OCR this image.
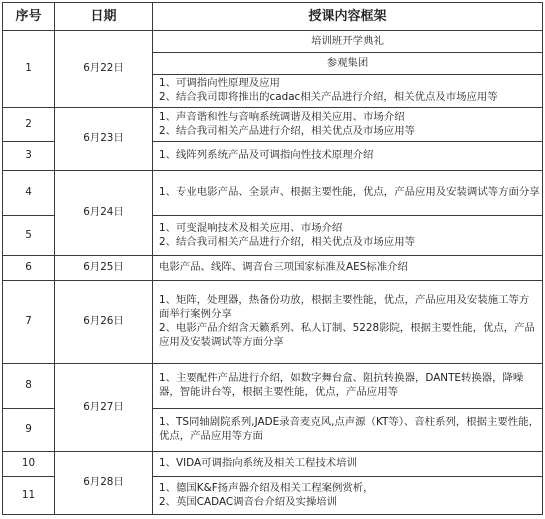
序号	日期	授课内容框架
1	6月22日	培训班开学典礼

		参观集团

		1、可调指向性原理及应用
2、结合我司即将推出的cadac相关产品进行介绍，相关优点及市场应用等

2	6月23日	1、声音谐和性与音响系统调谐及相关应用、市场介绍
2、结合我司相关产品进行介绍，相关优点及市场应用等

3		1、线阵列系统产品及可调指向性技术原理介绍

4	6月24日	1、专业电影产品、全景声、根据主要性能，优点，产品应用及安装调试等方面分享

5		1、可变混响技术及相关应用、市场介绍
2、结合我司相关产品进行介绍，相关优点及市场应用等

6	6月25日	电影产品、线阵、调音台三项国家标准及AES标准介绍

7	6月26日	1、矩阵，处理器，热备份功放，根据主要性能，优点，产品应用及安装施工等方面举行案例分享
2、电影产品介绍含天籁系列、私人订制、5228影院，根据主要性能，优点，产品应用及安装调试等方面分享

8	6月27日	1、主要配件产品进行介绍，如数字舞台盒、阻抗转换器，DANTE转换器，降噪器，智能讲台等，根据主要性能，优点，产品应用等

9		1、TS同轴剧院系列,JADE录音麦克风,点声源（KT等）、音柱系列，根据主要性能，优点，产品应用等方面

10	6月28日	1、VIDA可调指向系统及相关工程技术培训

11		1、德国K&F扬声器介绍及相关工程案例赏析，
2、英国CADAC调音台介绍及实操培训
